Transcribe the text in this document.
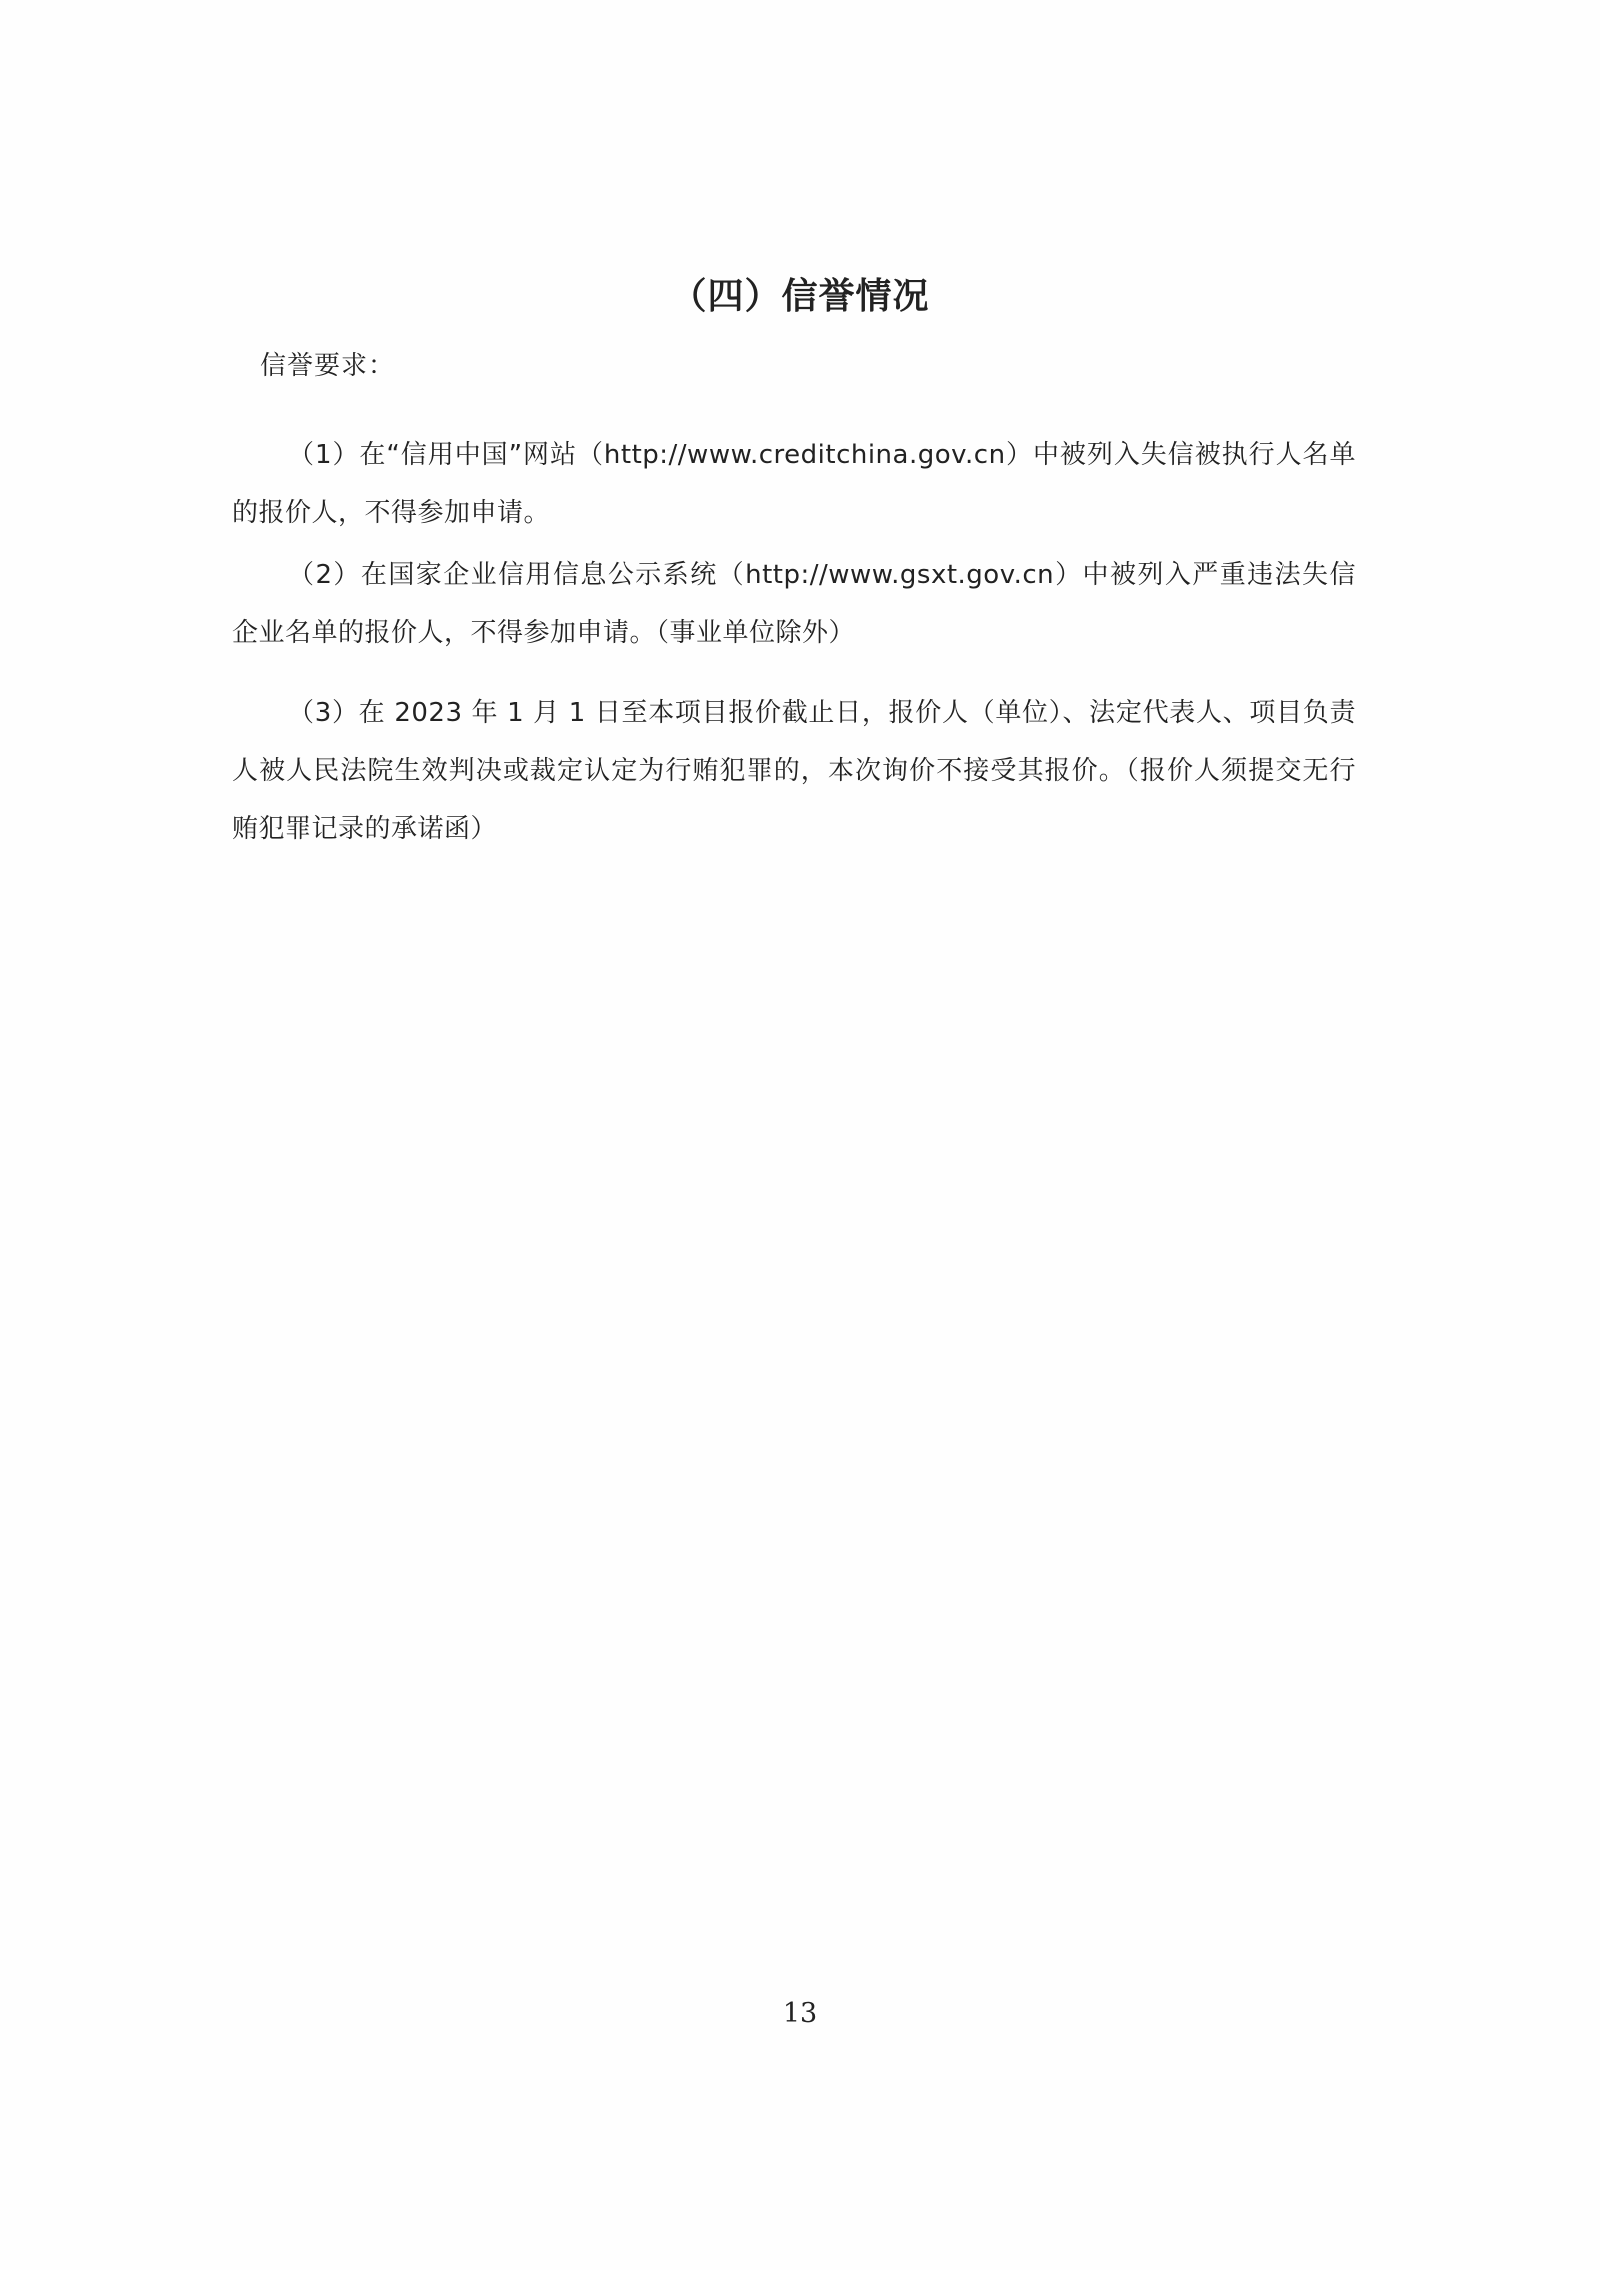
（四）信誉情况
信誉要求：

（1）在“信用中国”网站（http://www.creditchina.gov.cn）中被列入失信被执行人名单的报价人，不得参加申请。

（2）在国家企业信用信息公示系统（http://www.gsxt.gov.cn）中被列入严重违法失信企业名单的报价人，不得参加申请。（事业单位除外）

（3）在 2023 年 1 月 1 日至本项目报价截止日，报价人（单位）、法定代表人、项目负责人被人民法院生效判决或裁定认定为行贿犯罪的，本次询价不接受其报价。（报价人须提交无行贿犯罪记录的承诺函）

13
